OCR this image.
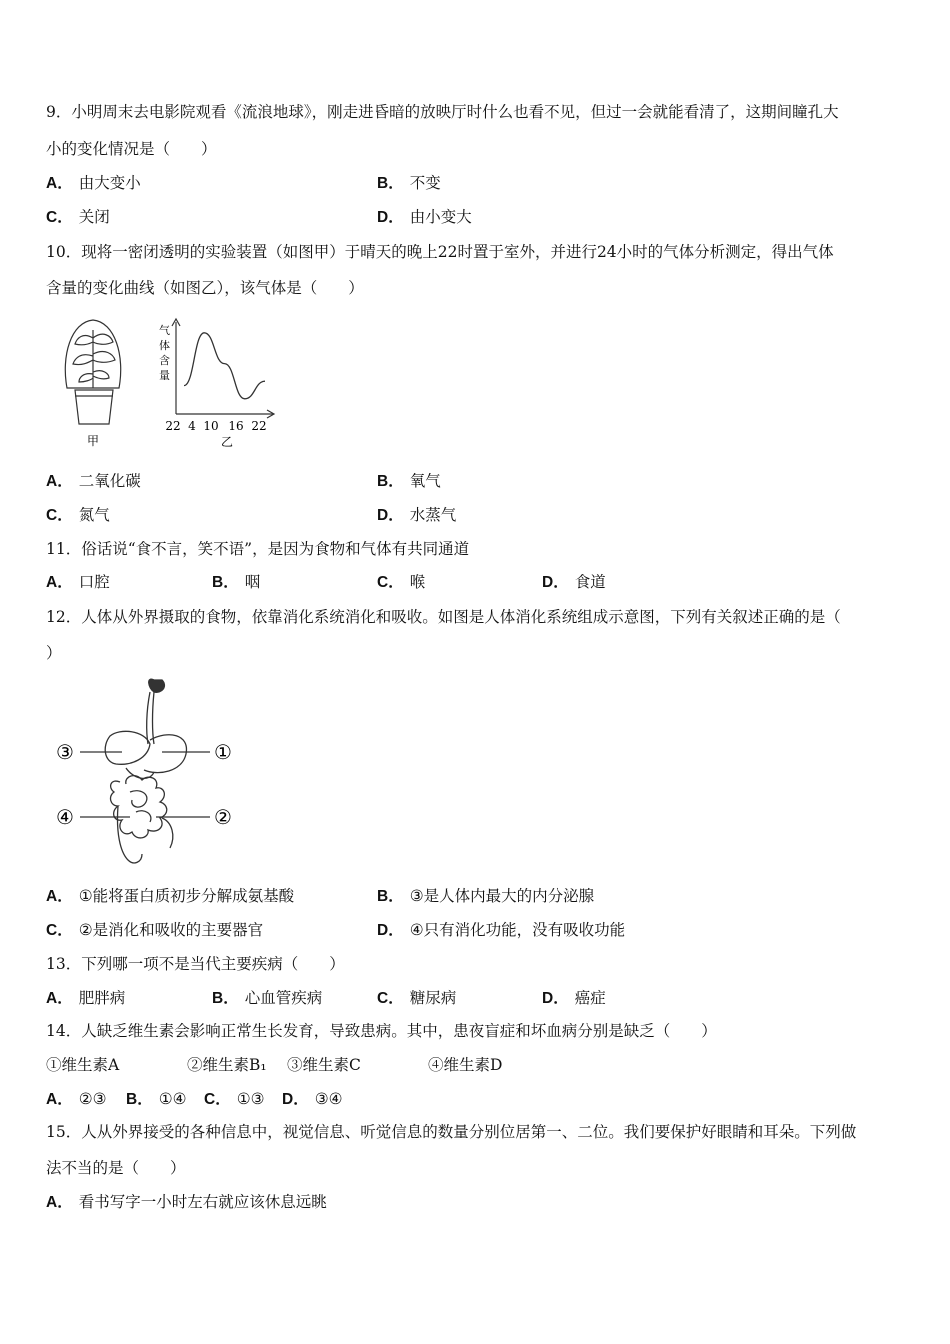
9．小明周末去电影院观看《流浪地球》，刚走进昏暗的放映厅时什么也看不见，但过一会就能看清了，这期间瞳孔大
小的变化情况是（　　）
A． 由大变小	B． 不变
C． 关闭	D． 由小变大
10．现将一密闭透明的实验装置（如图甲）于晴天的晚上22时置于室外，并进行24小时的气体分析测定，得出气体
含量的变化曲线（如图乙），该气体是（　　）
甲
气
体
含
量
22 4 10 16 22
乙
A． 二氧化碳	B． 氧气
C． 氮气	D． 水蒸气
11．俗话说“食不言，笑不语”，是因为食物和气体有共同通道
A． 口腔	B． 咽	C． 喉	D． 食道
12．人体从外界摄取的食物，依靠消化系统消化和吸收。如图是人体消化系统组成示意图，下列有关叙述正确的是（
）
③	①
④	②
A． ①能将蛋白质初步分解成氨基酸	B． ③是人体内最大的内分泌腺
C． ②是消化和吸收的主要器官	D． ④只有消化功能，没有吸收功能
13．下列哪一项不是当代主要疾病（　　）
A． 肥胖病	B． 心血管疾病	C． 糖尿病	D． 癌症
14．人缺乏维生素会影响正常生长发育，导致患病。其中，患夜盲症和坏血病分别是缺乏（　　）
①维生素A	②维生素B₁ ③维生素C	④维生素D
A． ②③ B． ①④ C． ①③ D． ③④
15．人从外界接受的各种信息中，视觉信息、听觉信息的数量分别位居第一、二位。我们要保护好眼睛和耳朵。下列做
法不当的是（　　）
A． 看书写字一小时左右就应该休息远眺
